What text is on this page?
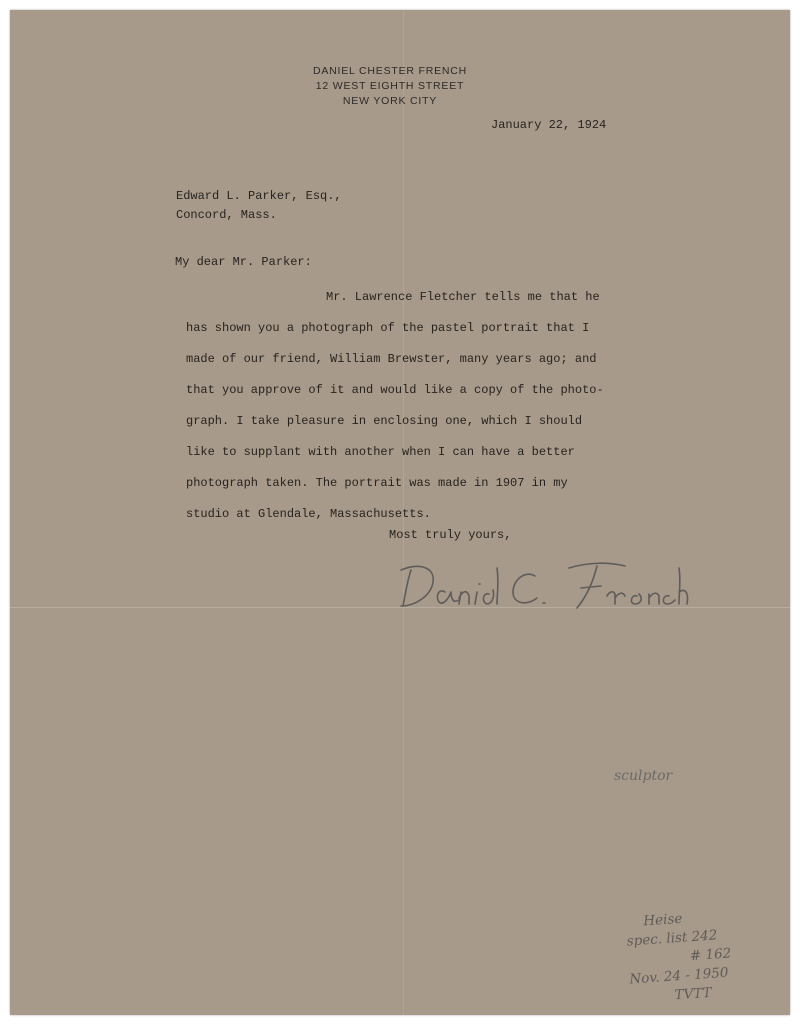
DANIEL CHESTER FRENCH
12 WEST EIGHTH STREET
NEW YORK CITY
January 22, 1924
Edward L. Parker, Esq.,
Concord, Mass.
My dear Mr. Parker:
Mr. Lawrence Fletcher tells me that he
has shown you a photograph of the pastel portrait that I
made of our friend, William Brewster, many years ago; and
that you approve of it and would like a copy of the photo-
graph. I take pleasure in enclosing one, which I should
like to supplant with another when I can have a better
photograph taken. The portrait was made in 1907 in my
studio at Glendale, Massachusetts.
Most truly yours,
Daniel C. French
sculptor
Heise
spec. list 242
# 162
Nov. 24 - 1950
TVTT
